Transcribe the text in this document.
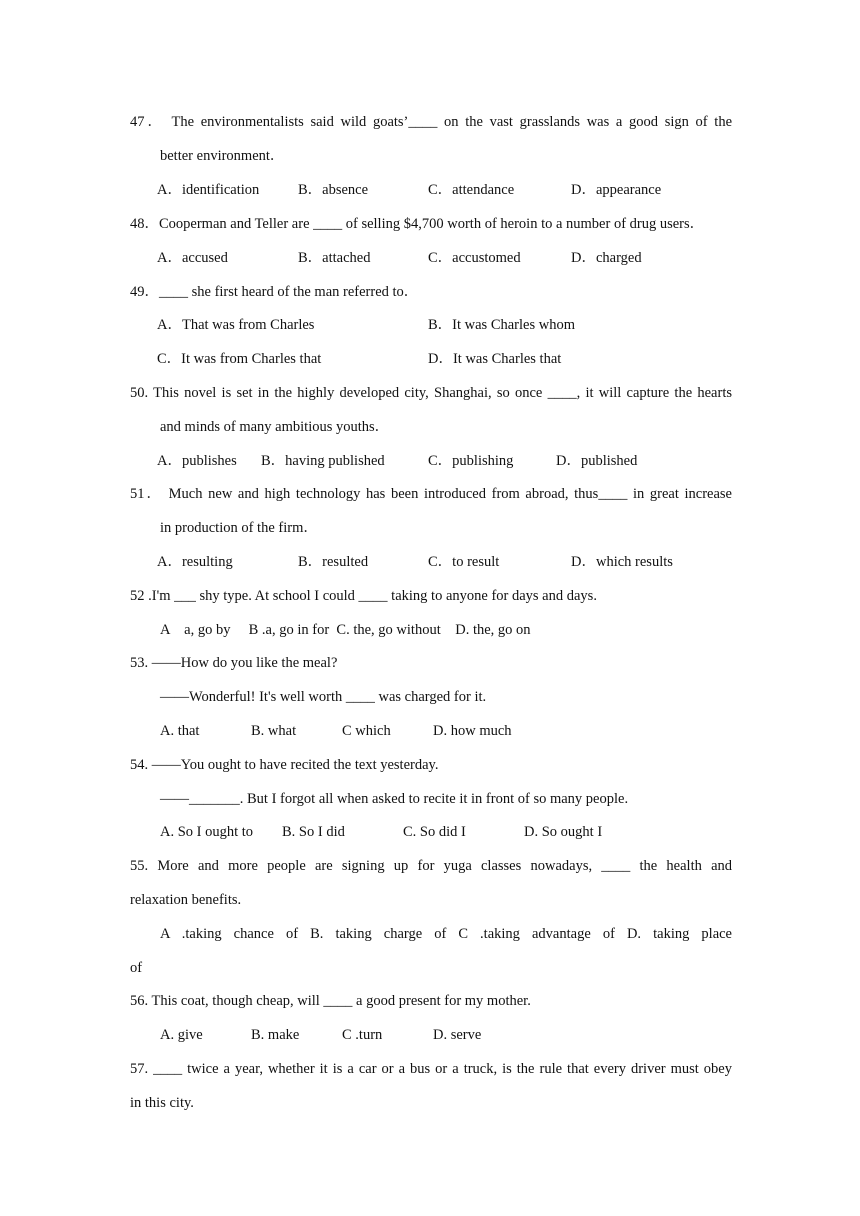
47． The environmentalists said wild goats’____ on the vast grasslands was a good sign of the
better environment．
A．identification	B．absence	C．attendance	D．appearance
48．Cooperman and Teller are ____ of selling $4,700 worth of heroin to a number of drug users．
A．accused	B．attached	C．accustomed	D．charged
49．____ she first heard of the man referred to．
A．That was from Charles	B．It was Charles whom
C．It was from Charles that	D．It was Charles that
50. This novel is set in the highly developed city, Shanghai, so once ____, it will capture the hearts
and minds of many ambitious youths．
A．publishes B．having published	C．publishing	D．published
51． Much new and high technology has been introduced from abroad, thus____ in great increase
in production of the firm．
A．resulting	B．resulted	C．to result	D．which results
52 .I'm ___ shy type. At school I could ____ taking to anyone for days and days.
A    a, go by     B .a, go in for  C. the, go without    D. the, go on
53. ——How do you like the meal?
——Wonderful! It's well worth ____ was charged for it.
A. that	B. what	C which	D. how much
54. ——You ought to have recited the text yesterday.
——_______. But I forgot all when asked to recite it in front of so many people.
A. So I ought to B. So I did	C. So did I	D. So ought I
55. More and more people are signing up for yuga classes nowadays, ____ the health and
relaxation benefits.
A .taking chance of B. taking charge of C .taking advantage of D. taking place
of
56. This coat, though cheap, will ____ a good present for my mother.
A. give	B. make	C .turn	D. serve
57. ____ twice a year, whether it is a car or a bus or a truck, is the rule that every driver must obey
in this city.
